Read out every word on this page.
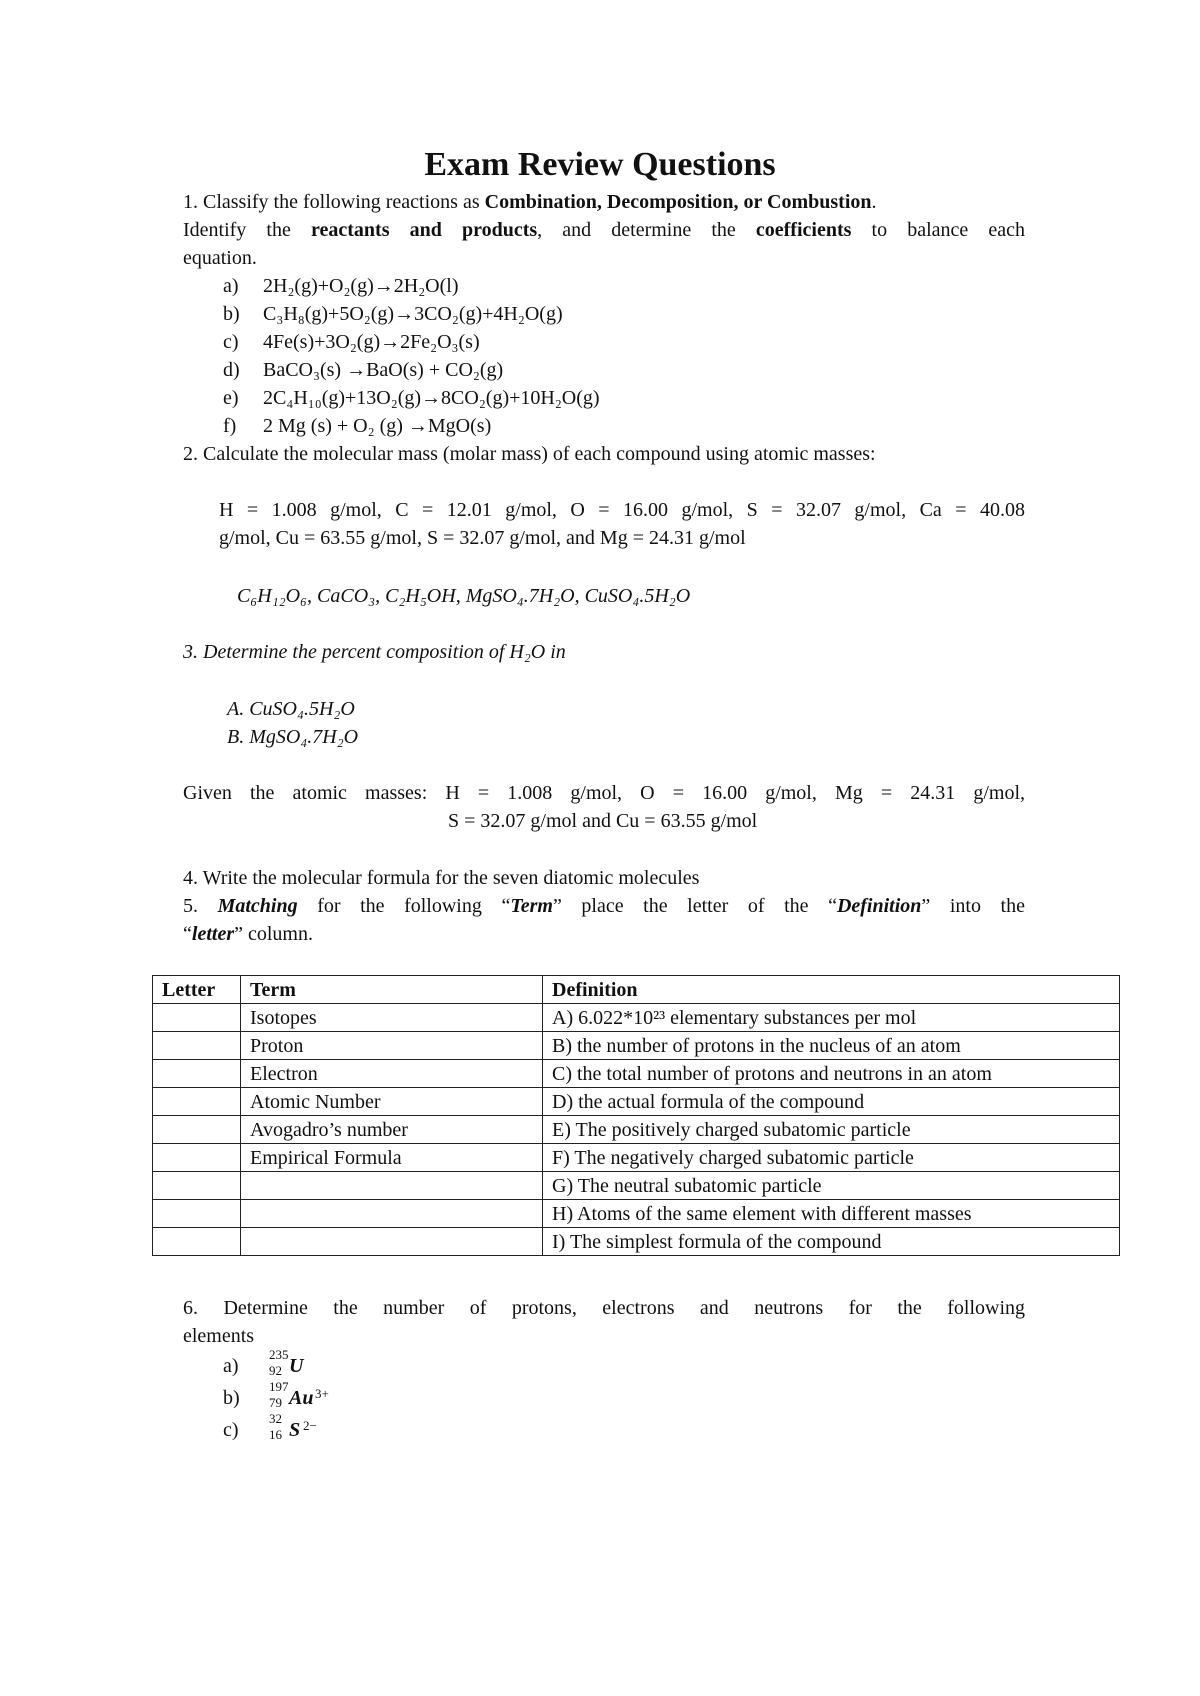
Exam Review Questions
1. Classify the following reactions as Combination, Decomposition, or Combustion.
Identify the reactants and products, and determine the coefficients to balance each
equation.
a) 2H₂(g)+O₂(g)→2H₂O(l)
b) C₃H₈(g)+5O₂(g)→3CO₂(g)+4H₂O(g)
c) 4Fe(s)+3O₂(g)→2Fe₂O₃(s)
d) BaCO₃(s) →BaO(s) + CO₂(g)
e) 2C₄H₁₀(g)+13O₂(g)→8CO₂(g)+10H₂O(g)
f) 2 Mg (s) + O₂ (g) →MgO(s)
2. Calculate the molecular mass (molar mass) of each compound using atomic masses:
H = 1.008 g/mol, C = 12.01 g/mol, O = 16.00 g/mol, S = 32.07 g/mol, Ca = 40.08
g/mol, Cu = 63.55 g/mol, S = 32.07 g/mol, and Mg = 24.31 g/mol
C₆H₁₂O₆, CaCO₃, C₂H₅OH, MgSO₄.7H₂O, CuSO₄.5H₂O
3. Determine the percent composition of H₂O in
A. CuSO₄.5H₂O
B. MgSO₄.7H₂O
Given the atomic masses: H = 1.008 g/mol, O = 16.00 g/mol, Mg = 24.31 g/mol,
S = 32.07 g/mol and Cu = 63.55 g/mol
4. Write the molecular formula for the seven diatomic molecules
5. Matching for the following “Term” place the letter of the “Definition” into the
“letter” column.
Letter	Term	Definition
	Isotopes	A) 6.022*10²³ elementary substances per mol
	Proton	B) the number of protons in the nucleus of an atom
	Electron	C) the total number of protons and neutrons in an atom
	Atomic Number	D) the actual formula of the compound
	Avogadro’s number	E) The positively charged subatomic particle
	Empirical Formula	F) The negatively charged subatomic particle
		G) The neutral subatomic particle
		H) Atoms of the same element with different masses
		I) The simplest formula of the compound
6. Determine the number of protons, electrons and neutrons for the following
elements
a)
235
92 U
b)
197
79 Au 3+
c)
32
16 S 2−
